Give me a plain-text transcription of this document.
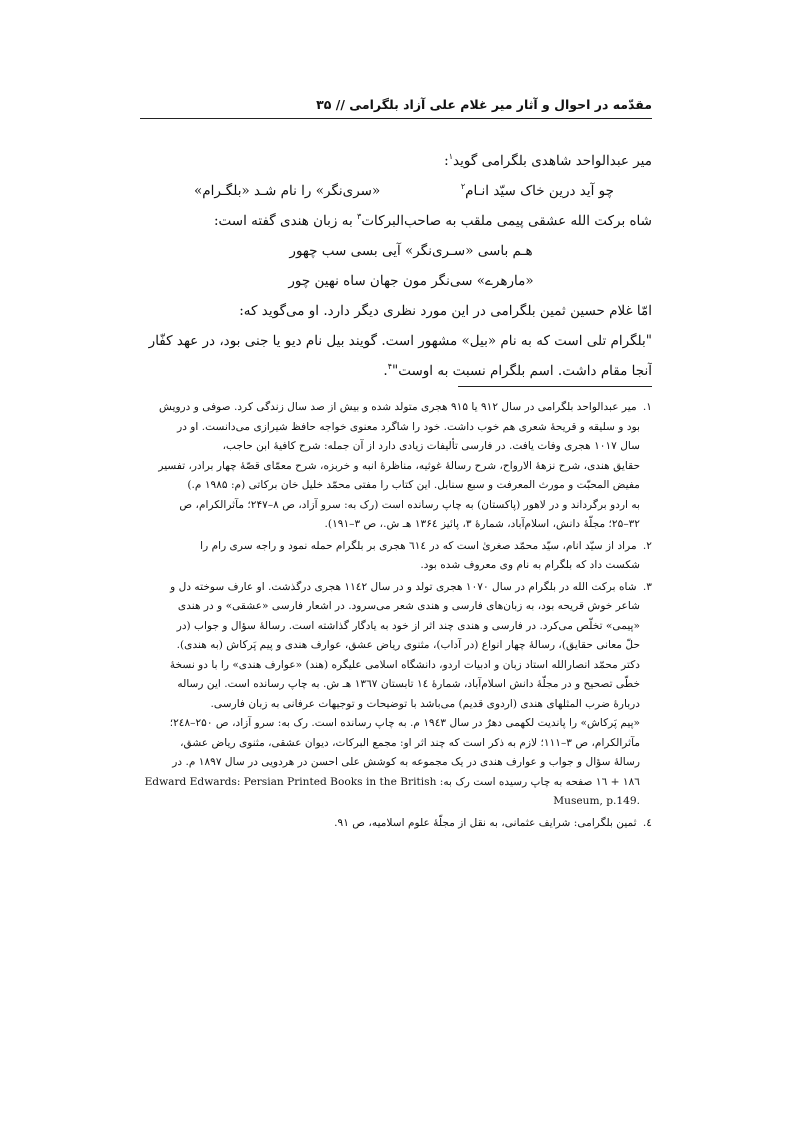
مقدّمه در احوال و آثار میر غلام علی آزاد بلگرامی // ۳۵
میر عبدالواحد شاهدی بلگرامی گوید$^۱$:
چو آید درین خاک سیّد انـام$^۲$
«سری‌نگر» را نام شـد «بلگـرام»
شاه برکت الله عشقی پیمی ملقب به صاحب‌البرکات$^۳$ به زبان هندی گفته است:
هـم باسی «سـری‌نگر» آیی بسی سب چهور
«مارهرے» سی‌نگر مون جهان ساه نهین چور
امّا غلام حسین ثمین بلگرامی در این مورد نظری دیگر دارد. او می‌گوید که:
"بلگرام تلی است که به نام «بیل» مشهور است. گویند بیل نام دیو یا جنی بود، در عهد کفّار
آنجا مقام داشت. اسم بلگرام نسبت به اوست"$^۴$.
۱. میر عبدالواحد بلگرامی در سال ۹۱۲ یا ۹۱۵ هجری متولد شده و بیش از صد سال زندگی کرد. صوفی و درویش
بود و سلیقه و قریحهٔ شعری هم خوب داشت. خود را شاگرد معنوی خواجه حافظ شیرازی می‌دانست. او در
سال ۱۰۱۷ هجری وفات یافت. در فارسی تألیفات زیادی دارد از آن جمله: شرح کافیهٔ ابن حاجب،
حقایق هندی، شرح نزههٔ الارواح، شرح رسالهٔ غوثیه، مناظرهٔ انبه و خربزه، شرح معمّای قصّهٔ چهار برادر، تفسیر
مفیض المحبّت و مورث المعرفت و سبع سنابل. این کتاب را مفتی محمّد خلیل خان برکاتی (م: ۱۹۸۵ م.)
به اردو برگرداند و در لاهور (پاکستان) به چاپ رسانده است (رک به: سرو آزاد، ص ۸–۲۴۷؛ مآثرالکرام، ص
۳۲–۲۵؛ مجلّهٔ دانش، اسلام‌آباد، شمارهٔ ۳، پائیز ۱۳۶٤ هـ ش.، ص ۳–۱۹۱).
۲. مراد از سیّد انام، سیّد محمّد صغریٰ است که در ٦١٤ هجری بر بلگرام حمله نمود و راجه سری رام را
شکست داد که بلگرام به نام وی معروف شده بود.
۳. شاه برکت الله در بلگرام در سال ۱۰۷۰ هجری تولد و در سال ۱۱٤۲ هجری درگذشت. او عارف سوخته دل و
شاعر خوش قریحه بود، به زبان‌های فارسی و هندی شعر می‌سرود. در اشعار فارسی «عشقی» و در هندی
«پیمی» تخلّص می‌کرد. در فارسی و هندی چند اثر از خود به یادگار گذاشته است. رسالهٔ سؤال و جواب (در
حلّ معانی حقایق)، رسالهٔ چهار انواع (در آداب)، مثنوی ریاض عشق، عوارف هندی و پیم پَرکاش (به هندی).
دکتر محمّد انصارالله استاد زبان و ادبیات اردو، دانشگاه اسلامی علیگره (هند) «عوارف هندی» را با دو نسخهٔ
خطّی تصحیح و در مجلّهٔ دانش اسلام‌آباد، شمارهٔ ١٤ تابستان ١٣٦٧ هـ ش. به چاپ رسانده است. این رساله
دربارهٔ ضرب المثلهای هندی (اردوی قدیم) می‌باشد با توضیحات و توجیهات عرفانی به زبان فارسی.
«پیم پَرکاش» را پاندیت لکهمی دهرٌ در سال ۱۹٤۳ م. به چاپ رسانده است. رک به: سرو آزاد، ص ۲۵۰–۲٤۸؛
مآثرالکرام، ص ۳–۱۱۱؛ لازم به ذکر است که چند اثر او: مجمع البرکات، دیوان عشقی، مثنوی ریاض عشق،
رسالهٔ سؤال و جواب و عوارف هندی در یک مجموعه به کوشش علی احسن در هردویی در سال ۱۸۹۷ م. در
۱۸٦ + ۱٦ صفحه به چاپ رسیده است رک به: Edward Edwards: Persian Printed Books in the British
Museum, p.149.
٤. ثمین بلگرامی: شرایف عثمانی، به نقل از مجلّهٔ علوم اسلامیه، ص ۹۱.
